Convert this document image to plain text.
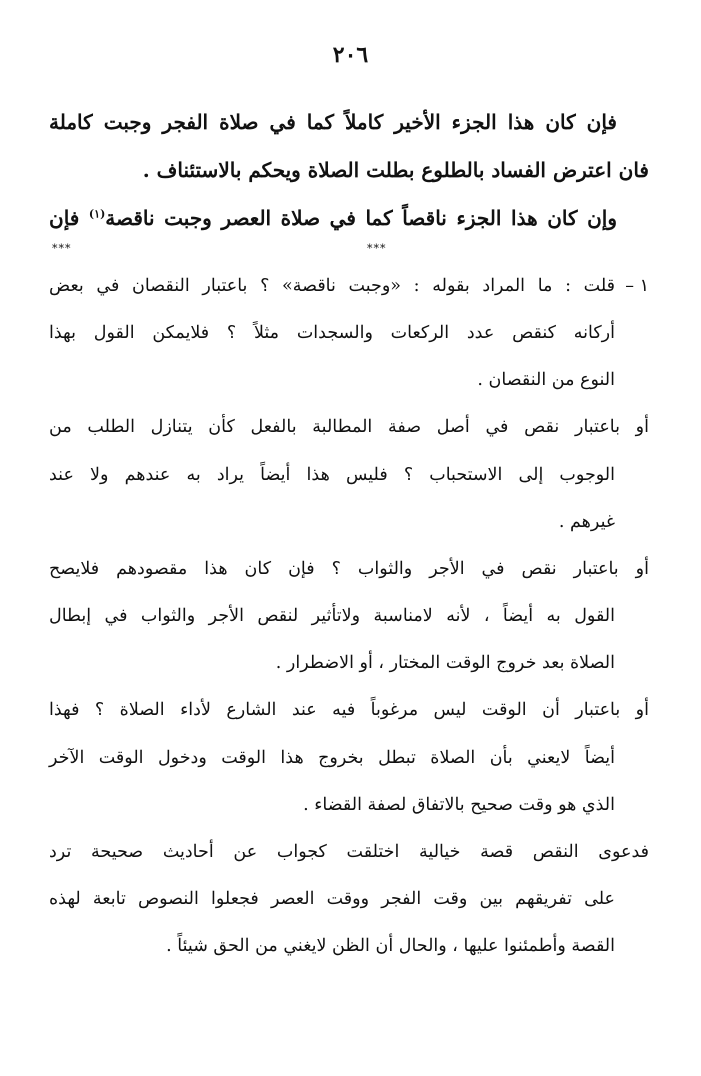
٢٠٦
فإن كان هذا الجزء الأخير كاملاً كما في صلاة الفجر وجبت كاملة
فان اعترض الفساد بالطلوع بطلت الصلاة ويحكم بالاستئناف .
وإن كان هذا الجزء ناقصاً كما في صلاة العصر وجبت ناقصة$^{(١)}$ فإن
***	***
١ –
قلت : ما المراد بقوله : «وجبت ناقصة» ؟ باعتبار النقصان في بعض
أركانه كنقص عدد الركعات والسجدات مثلاً ؟ فلايمكن القول بهذا
النوع من النقصان .
أو باعتبار نقص في أصل صفة المطالبة بالفعل كأن يتنازل الطلب من
الوجوب إلى الاستحباب ؟ فليس هذا أيضاً يراد به عندهم ولا عند
غيرهم .
أو باعتبار نقص في الأجر والثواب ؟ فإن كان هذا مقصودهم فلايصح
القول به أيضاً ، لأنه لامناسبة ولاتأثير لنقص الأجر والثواب في إبطال
الصلاة بعد خروج الوقت المختار ، أو الاضطرار .
أو باعتبار أن الوقت ليس مرغوباً فيه عند الشارع لأداء الصلاة ؟ فهذا
أيضاً لايعني بأن الصلاة تبطل بخروج هذا الوقت ودخول الوقت الآخر
الذي هو وقت صحيح بالاتفاق لصفة القضاء .
فدعوى النقص قصة خيالية اختلقت كجواب عن أحاديث صحيحة ترد
على تفريقهم بين وقت الفجر ووقت العصر فجعلوا النصوص تابعة لهذه
القصة وأطمئنوا عليها ، والحال أن الظن لايغني من الحق شيئاً .
